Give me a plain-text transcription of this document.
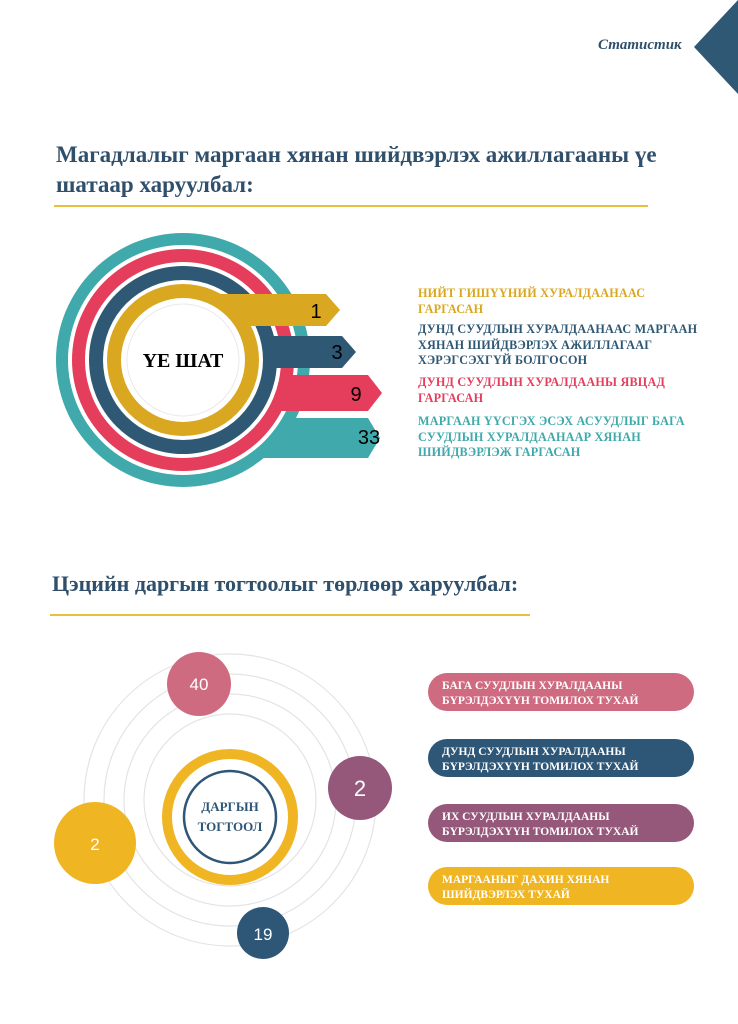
Статистик
Магадлалыг маргаан хянан шийдвэрлэх ажиллагааны үе шатаар харуулбал:
ҮЕ ШАТ
1
3
9
33
НИЙТ ГИШҮҮНИЙ ХУРАЛДААНААС ГАРГАСАН
ДУНД СУУДЛЫН ХУРАЛДААНААС МАРГААН ХЯНАН ШИЙДВЭРЛЭХ АЖИЛЛАГААГ ХЭРЭГСЭХГҮЙ БОЛГОСОН
ДУНД СУУДЛЫН ХУРАЛДААНЫ ЯВЦАД ГАРГАСАН
МАРГААН ҮҮСГЭХ ЭСЭХ АСУУДЛЫГ БАГА СУУДЛЫН ХУРАЛДААНААР ХЯНАН ШИЙДВЭРЛЭЖ ГАРГАСАН
Цэцийн даргын тогтоолыг төрлөөр харуулбал:
ДАРГЫН
ТОГТООЛ
40
2
2
19
БАГА СУУДЛЫН ХУРАЛДААНЫ
БҮРЭЛДЭХҮҮН ТОМИЛОХ ТУХАЙ
ДУНД СУУДЛЫН ХУРАЛДААНЫ
БҮРЭЛДЭХҮҮН ТОМИЛОХ ТУХАЙ
ИХ СУУДЛЫН ХУРАЛДААНЫ
БҮРЭЛДЭХҮҮН ТОМИЛОХ ТУХАЙ
МАРГААНЫГ ДАХИН ХЯНАН
ШИЙДВЭРЛЭХ ТУХАЙ
